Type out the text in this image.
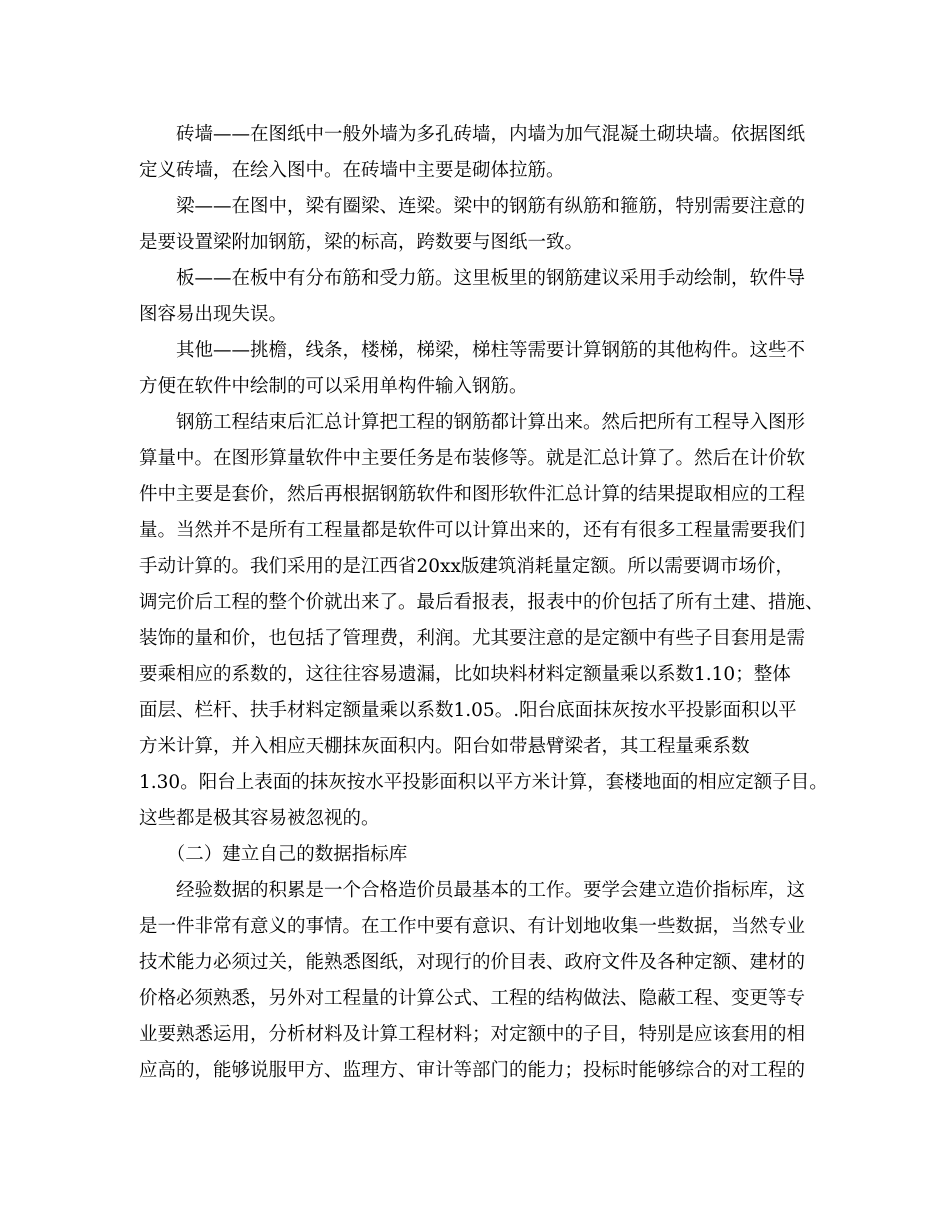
　　砖墙——在图纸中一般外墙为多孔砖墙，内墙为加气混凝土砌块墙。依据图纸
定义砖墙，在绘入图中。在砖墙中主要是砌体拉筋。
　　梁——在图中，梁有圈梁、连梁。梁中的钢筋有纵筋和箍筋，特别需要注意的
是要设置梁附加钢筋，梁的标高，跨数要与图纸一致。
　　板——在板中有分布筋和受力筋。这里板里的钢筋建议采用手动绘制，软件导
图容易出现失误。
　　其他——挑檐，线条，楼梯，梯梁，梯柱等需要计算钢筋的其他构件。这些不
方便在软件中绘制的可以采用单构件输入钢筋。
　　钢筋工程结束后汇总计算把工程的钢筋都计算出来。然后把所有工程导入图形
算量中。在图形算量软件中主要任务是布装修等。就是汇总计算了。然后在计价软
件中主要是套价，然后再根据钢筋软件和图形软件汇总计算的结果提取相应的工程
量。当然并不是所有工程量都是软件可以计算出来的，还有有很多工程量需要我们
手动计算的。我们采用的是江西省20xx版建筑消耗量定额。所以需要调市场价，
调完价后工程的整个价就出来了。最后看报表，报表中的价包括了所有土建、措施、
装饰的量和价，也包括了管理费，利润。尤其要注意的是定额中有些子目套用是需
要乘相应的系数的，这往往容易遗漏，比如块料材料定额量乘以系数1.10；整体
面层、栏杆、扶手材料定额量乘以系数1.05。.阳台底面抹灰按水平投影面积以平
方米计算，并入相应天棚抹灰面积内。阳台如带悬臂梁者，其工程量乘系数
1.30。阳台上表面的抹灰按水平投影面积以平方米计算，套楼地面的相应定额子目。
这些都是极其容易被忽视的。
　　（二）建立自己的数据指标库
　　经验数据的积累是一个合格造价员最基本的工作。要学会建立造价指标库，这
是一件非常有意义的事情。在工作中要有意识、有计划地收集一些数据，当然专业
技术能力必须过关，能熟悉图纸，对现行的价目表、政府文件及各种定额、建材的
价格必须熟悉，另外对工程量的计算公式、工程的结构做法、隐蔽工程、变更等专
业要熟悉运用，分析材料及计算工程材料；对定额中的子目，特别是应该套用的相
应高的，能够说服甲方、监理方、审计等部门的能力；投标时能够综合的对工程的
